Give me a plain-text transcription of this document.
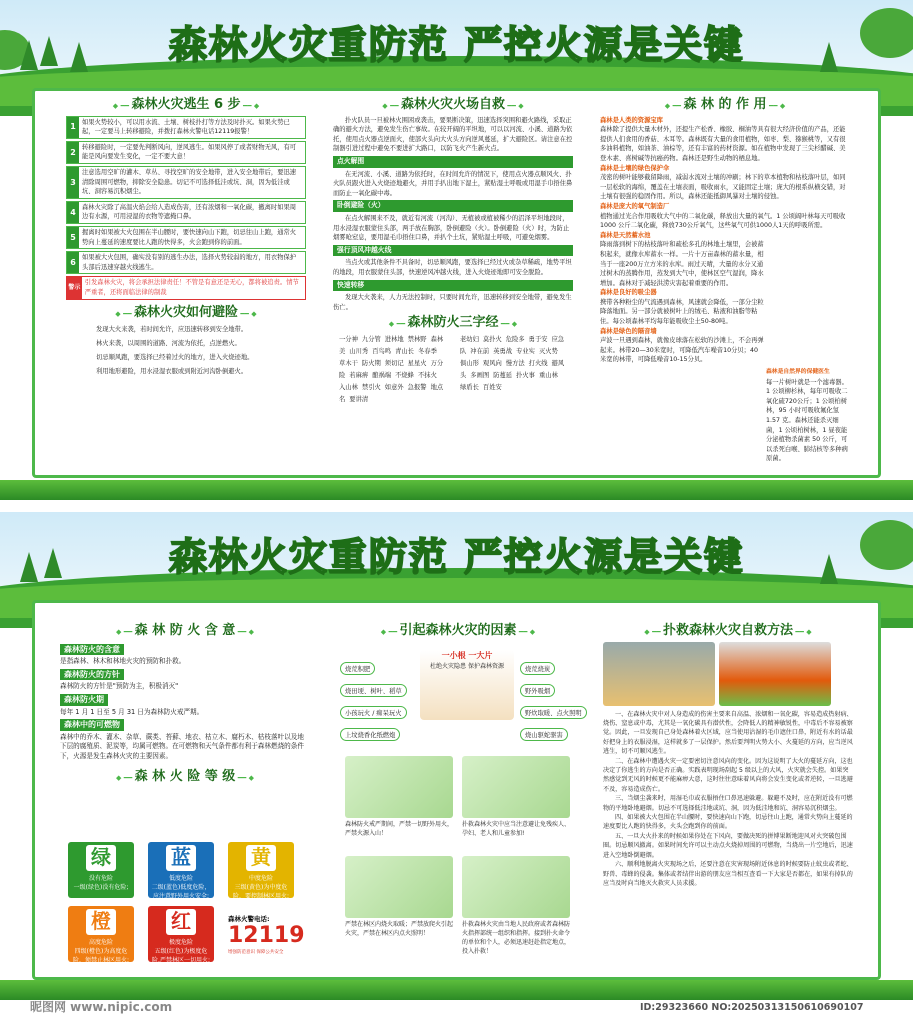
森林火灾重防范 严控火源是关键
◆ ━━ 森林火灾逃生 6 步 ━━ ◆
1

如果火势较小，可以用水流、土壤、树枝扑打等方法及时扑灭。如果火势已起，一定要马上转移避险，并拨打森林火警电话12119报警！

2

转移避险时，一定要先判断风向，逆风逃生。如果风停了或者财物无风，有可能是风向要发生变化，一定不要大意！

3

注意选用空旷的灌木、草丛、寻找空旷的安全地带，进入安全地带后，要迅速清除周围可燃物，抑除安全隐患。切记不可选择低洼或坑、洞，因为低洼或坑、洞容易沉积烟尘。

4

森林火灾除了高温火焰会给人造成伤害，还有浓烟和一氧化碳，撤离时如果周边有水源，可用浸湿的衣物等遮掩口鼻。

5

握离时如果被大火包围在半山腰时，要快速向山下跑，切忌往山上跑，通常火势向上蔓延的速度要比人跑的快得多，火会跑到你的前面。

6

如果被大火包围，确实没有别的逃生办法，选择火势较弱的地方，用衣物保护头部后迅速穿越火线逃生。

警示

引发森林火灾，将会承担法律责任！不管是有意还是无心，都将被追责。情节严重者，还将面临法律的制裁

◆ ━━ 森林火灾如何避险 ━━ ◆

发现大火来袭，若时间允许，应迅速转移到安全地带。

林火来袭，以周围的道路、河流为依托，点逆燃火。

切忌顺风跑，要选择已经着过火的地方，进入火烧迹地。

利用地形避险，用水浸湿衣服或到附近河沟卧倒避火。

◆ ━━ 森林火灾火场自救 ━━ ◆

扑火队员一旦被林火围困或袭击，要果断决策，迅速选择突围和避火路线，采取正确的避火方法，避免发生伤亡事故。在较开阔的平坦地，可以以河流、小溪、道路为依托，使用点火器点逆面火，使部火头向大火头方向逆风蔓延，扩大避险区。请注意在控制器引进过程中避免不要进扩大路口，以防飞火产生新火点。

点火解围

在无河流、小溪、道路为依托时，在时间允许的情况下，使用点火器点顺风火、扑火队员跟火进入火烧迹地避火，并用手扒出地下湿土，紧贴湿土呼吸或用湿手巾捂住鼻而防止一氧化碳中毒。

卧倒避险（火）

在点火解围来不及，就近有河流（河沟）、无植被或植被稀少的沼泽平坦地段时，用水浸湿衣服蒙住头部，两手放在胸部，卧倒避险（火）。卧倒避险（火）时，为防止烟雾呛窒息，要用湿毛巾捂住口鼻，并扒个土坑，紧贴湿土呼吸，可避免烟雾。

强行顶风冲越火线

当点火或其他条件不具备时，切忌顺风跑，要选择已经过火或杂草稀疏，地势平坦的地段，用衣服蒙住头部，快速逆风冲越火线，进入火烧迹地即可安全脱险。

快速转移

发现大火袭来，人力无法控制时，只要时间允许，迅速转移到安全地带，避免发生伤亡。

◆ ━━ 森林防火三字经 ━━ ◆

一分神 九分管 进林地 禁林野 森林美 山川秀 百鸟鸣 青山长 冬春季 草木干 防火期 须切记 星星火 万分险 若麻痹 酿祸端 不烧蜂 不抹火 入山林 禁引火 如意外 急报警 地点名 要讲清

老幼妇 莫扑火 危险多 勇于安 应急队 冲在前 英勇战 专业实 灭火势 俱山形 观风向 慢方法 打火线 避风头 多画图 防蔓延 扑火事 重山林 绿盾长 百姓安

◆ ━━ 森 林 的 作 用 ━━ ◆

森林是人类的资源宝库

森林除了提供大量木材外，还提生产松香、橡胶、桐油等具有很大经济价值的产品，还能提供人们食用的香菇、木耳等。森林既有大量的食用植物，如枣、梨、猕猴桃等，又有很多油料植物，如油茶、油棕等，还有丰富的药材资源。如在植物中发现了三尖杉醋碱、美登木素、喜树碱等抗癌药物。森林还是野生动物的栖息地。

森林是土壤的绿色保护伞

茂密的树叶能够截留降雨，减弱水流对土壤的冲刷；林下的草本植物和枯枝落叶层，如同一层松软的海绵，覆盖在土壤表面，吸收雨水，又能固定土壤；庞大的根系纵横交错，对土壤有很强的稳固作用。所以，森林还能抵御风暴对土壤的侵蚀。

森林是庞大的氧气制造厂

植物通过光合作用吸收大气中的二氧化碳，释放出大量的氧气。1 公顷阔叶林每天可吸收 1000 公斤二氧化碳，释放730公斤氧气，这些氧气可供1000人1天的呼吸所需。

森林是天然蓄水池

降雨落到树下的枯枝落叶和疏松多孔的林地土壤里，会被蓄积起来，就像水库蓄水一样。一片十万亩森林的蓄水量，相当于一座200万立方米的水库。雨过天晴，大量的水分又通过树木的蒸腾作用，蒸发到大气中，使林区空气湿润，降水增加。森林对于减轻洪涝灾害起着重要的作用。

森林是良好的吸尘器

携带各种粉尘的气流遇到森林，风速就会降低，一部分尘粒降落地面。另一部分就被树叶上的绒毛、粘液和油脂等粘住。每公顷森林平均每年能吸收尘土50-80吨。

森林是绿色的隔音墙

声波一旦遇到森林，就像皮球落在松软的沙滩上，不会再弹起来。林带20—30米宽时，可降低汽车噪音10分贝；40米宽的林带，可降低噪音10-15分贝。

森林是自然界的保健医生

每一片树叶就是一个滤毒器。1 公顷柳杉林，每年可吸收二氧化硫720公斤；1 公顷柏树林，95 小时可吸收氟化氢 1.57 克。森林还能杀灭细菌，1 公顷柏树林，1 昼夜能分泌植物杀菌素 50 公斤，可以杀死白喉、肺结核等多种病原菌。

森林火灾重防范 严控火源是关键
◆ ━━ 森 林 防 火 含 意 ━━ ◆
森林防火的含意

是指森林、林木和林地火灾的预防和扑救。

森林防火的方针

森林防火的方针是"预防为主，积极消灭"

森林防火期

每年 1 月 1 日至 5 月 31 日为森林防火戒严期。

森林中的可燃物

森林中的乔木、灌木、杂草、蕨类、苔藓、地衣、枯立木、腐朽木、枯枝落叶以及地下层的腐殖质、泥炭等，均属可燃物。在可燃物和天气条件都有利于森林燃烧的条件下，火源是发生森林火灾的主要因素。

◆ ━━ 森 林 火 险 等 级 ━━ ◆
绿

没有危险

一级(绿色)没有危险;

蓝

低度危险

二级(蓝色)低度危险，应注意野外用火安全;

黄

中度危险

三级(黄色)为中度危险，要控制林区用火;

橙

高度危险

四级(橙色)为高度危险，须禁止林区用火;

红

极度危险

五级(红色)为极度危险,严禁林区一切用火;

森林火警电话:

12119

增强防范意识 保障公共安全

◆ ━━ 引起森林火灾的因素 ━━ ◆

一小根 一大片

杜绝火灾隐患 保护森林资源

烧荒积肥
烧田埂、树叶、稻草
小孩玩火 / 痴呆玩火
上坟烧香化纸燃炮
烧荒烧炭
野外吸烟
野炊取暖、点火照明
烧山驱蛇驱害

森林防火戒严期间，严禁一切野外用火，严禁火源入山！

扑救森林火灾中应当注意避让免残疾人、孕妇、老人和儿童参加!

严禁在林区内烧火取暖；严禁放爬火引起火灾，严禁在林区内点火照明！

扑救森林火灾由当地人民政府或者森林防火指挥部统一组织和指挥。接到扑火命令的单位和个人，必须迅速赶赴指定地点，投入扑救！

◆ ━━ 扑救森林火灾自救方法 ━━ ◆

一、在森林火灾中对人身造成的伤害主要来自高温、浓烟和一氧化碳，容易造成热射病、烧伤、窒息或中毒，尤其是一氧化碳具有潜伏性，会降低人的精神敏锐性，中毒后不容易被察觉。因此，一旦发现自己身处森林着火区域，应当使用沾湿的毛巾遮住口鼻，附近有水的话最好把身上的衣服浸湿，这样就多了一层保护。然后要判明火势大小、火蔓延的方向，应当逆风逃生，切不可顺风逃生。

二、在森林中遭遇火灾一定要密切注意风向的变化。因为这说明了大火的蔓延方向，这也决定了你逃生的方向是否正确。实践表明现场刮起 5 级以上的大风，火灾就会失控。如果突然感觉到无风的时候更不能麻痹大意，这时往往意味着风向将会发生变化或者逆转，一旦逃避不及，容易造成伤亡。

三、当烟尘袭来时，用湿毛巾或衣服捂住口鼻迅速躲避。躲避不及时，应在附近没有可燃物的平地卧地避烟。切忌不可选择低洼地或坑、洞，因为低洼地和坑、洞容易沉积烟尘。

四、如果被大火包围在半山腰时，要快速向山下跑，切忌往山上跑，通常火势向上蔓延的速度要比人跑的快得多，火头会跑到你的前面。

五、一旦大火扑来的时候如果你处在下风向，要做决死的拼博果断地迎风对火突破包围圈。切忌顺风撤离。如果时间允许可以主动点火烧掉周围的可燃物，当烧出一片空地后，迅速进入空地卧倒避烟。

六、顺利地脱离火灾现场之后，还要注意在灾害现场附近休息的时候要防止蚊虫或者蛇、野兽、毒蜂的侵袭。集体或者结伴出游的朋友应当相互查看一下大家是否都在，如果有掉队的应当及时向当地灭火救灾人员求援。

昵图网 www.nipic.com	ID:29323660 NO:20250313150610690107
